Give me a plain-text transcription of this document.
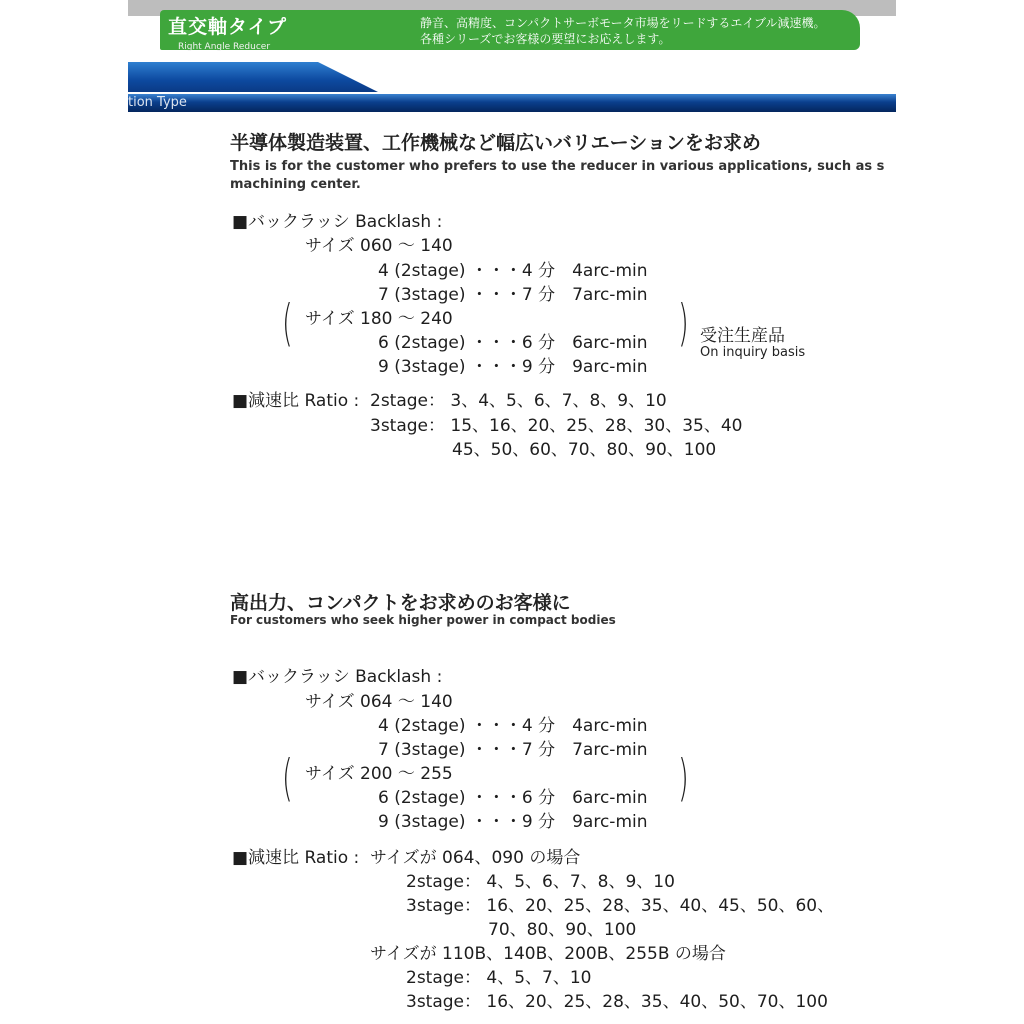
直交軸タイプ
Right Angle Reducer
静音、高精度、コンパクトサーボモータ市場をリードするエイブル減速機。
各種シリーズでお客様の要望にお応えします。
tion Type
半導体製造装置、工作機械など幅広いバリエーションをお求め
This is for the customer who prefers to use the reducer in various applications, such as s
machining center.
■バックラッシ Backlash :
サイズ 060 ～ 140
4 (2stage) ・・・4 分　4arc-min
7 (3stage) ・・・7 分　7arc-min
( サイズ 180 ～ 240
6 (2stage) ・・・6 分　6arc-min
9 (3stage) ・・・9 分　9arc-min
) 受注生産品
On inquiry basis
■減速比 Ratio : 2stage： 3、4、5、6、7、8、9、10
3stage： 15、16、20、25、28、30、35、40
45、50、60、70、80、90、100
高出力、コンパクトをお求めのお客様に
For customers who seek higher power in compact bodies
■バックラッシ Backlash :
サイズ 064 ～ 140
4 (2stage) ・・・4 分　4arc-min
7 (3stage) ・・・7 分　7arc-min
( サイズ 200 ～ 255
6 (2stage) ・・・6 分　6arc-min
9 (3stage) ・・・9 分　9arc-min
)
■減速比 Ratio : サイズが 064、090 の場合
2stage： 4、5、6、7、8、9、10
3stage： 16、20、25、28、35、40、45、50、60、
70、80、90、100
サイズが 110B、140B、200B、255B の場合
2stage： 4、5、7、10
3stage： 16、20、25、28、35、40、50、70、100
